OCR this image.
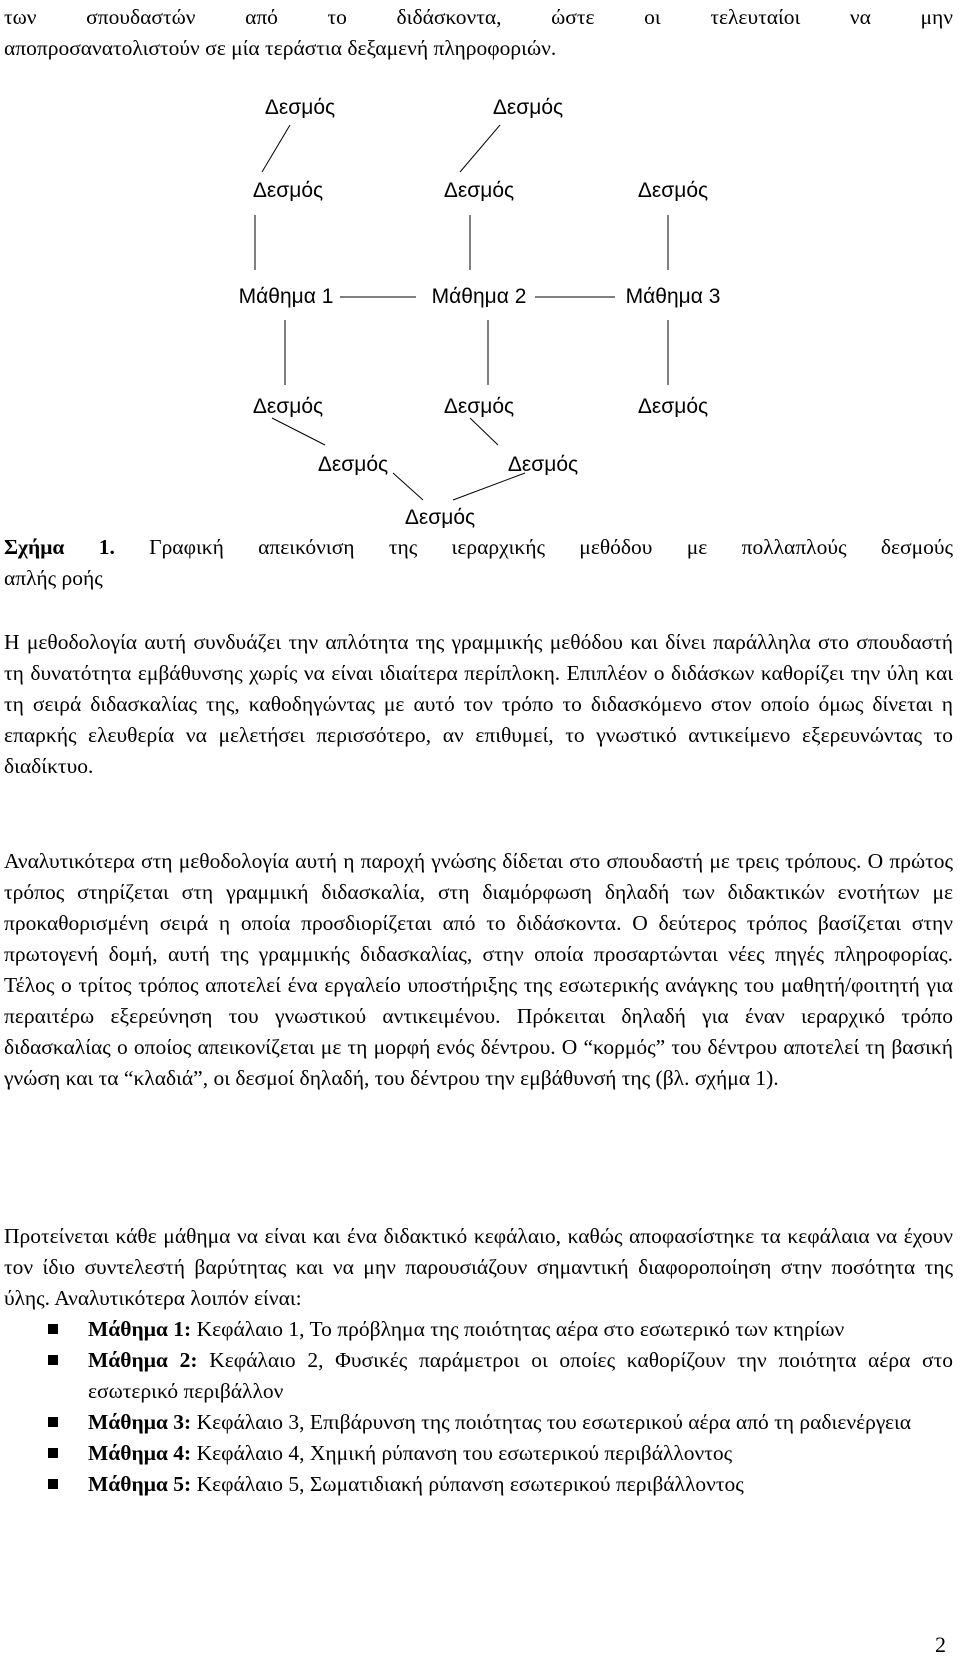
των σπουδαστών από το διδάσκοντα, ώστε οι τελευταίοι να μην
αποπροσανατολιστούν σε μία τεράστια δεξαμενή πληροφοριών.
Δεσμός	Δεσμός
Δεσμός	Δεσμός	Δεσμός
Μάθημα 1	Μάθημα 2	Μάθημα 3
Δεσμός	Δεσμός	Δεσμός
Δεσμός	Δεσμός
Δεσμός
Σχήμα 1. Γραφική απεικόνιση της ιεραρχικής μεθόδου με πολλαπλούς δεσμούς
απλής ροής

Η μεθοδολογία αυτή συνδυάζει την απλότητα της γραμμικής μεθόδου και δίνει παράλληλα στο σπουδαστή τη δυνατότητα εμβάθυνσης χωρίς να είναι ιδιαίτερα περίπλοκη. Επιπλέον ο διδάσκων καθορίζει την ύλη και τη σειρά διδασκαλίας της, καθοδηγώντας με αυτό τον τρόπο το διδασκόμενο στον οποίο όμως δίνεται η επαρκής ελευθερία να μελετήσει περισσότερο, αν επιθυμεί, το γνωστικό αντικείμενο εξερευνώντας το διαδίκτυο.

Αναλυτικότερα στη μεθοδολογία αυτή η παροχή γνώσης δίδεται στο σπουδαστή με τρεις τρόπους. Ο πρώτος τρόπος στηρίζεται στη γραμμική διδασκαλία, στη διαμόρφωση δηλαδή των διδακτικών ενοτήτων με προκαθορισμένη σειρά η οποία προσδιορίζεται από το διδάσκοντα. Ο δεύτερος τρόπος βασίζεται στην πρωτογενή δομή, αυτή της γραμμικής διδασκαλίας, στην οποία προσαρτώνται νέες πηγές πληροφορίας. Τέλος ο τρίτος τρόπος αποτελεί ένα εργαλείο υποστήριξης της εσωτερικής ανάγκης του μαθητή/φοιτητή για περαιτέρω εξερεύνηση του γνωστικού αντικειμένου. Πρόκειται δηλαδή για έναν ιεραρχικό τρόπο διδασκαλίας ο οποίος απεικονίζεται με τη μορφή ενός δέντρου. Ο “κορμός” του δέντρου αποτελεί τη βασική γνώση και τα “κλαδιά”, οι δεσμοί δηλαδή, του δέντρου την εμβάθυνσή της (βλ. σχήμα 1).

Προτείνεται κάθε μάθημα να είναι και ένα διδακτικό κεφάλαιο, καθώς αποφασίστηκε τα κεφάλαια να έχουν τον ίδιο συντελεστή βαρύτητας και να μην παρουσιάζουν σημαντική διαφοροποίηση στην ποσότητα της ύλης. Αναλυτικότερα λοιπόν είναι:

Μάθημα 1: Κεφάλαιο 1, Το πρόβλημα της ποιότητας αέρα στο εσωτερικό των κτηρίων
Μάθημα 2: Κεφάλαιο 2, Φυσικές παράμετροι οι οποίες καθορίζουν την ποιότητα αέρα στο εσωτερικό περιβάλλον
Μάθημα 3: Κεφάλαιο 3, Επιβάρυνση της ποιότητας του εσωτερικού αέρα από τη ραδιενέργεια
Μάθημα 4: Κεφάλαιο 4, Χημική ρύπανση του εσωτερικού περιβάλλοντος
Μάθημα 5: Κεφάλαιο 5, Σωματιδιακή ρύπανση εσωτερικού περιβάλλοντος
2
